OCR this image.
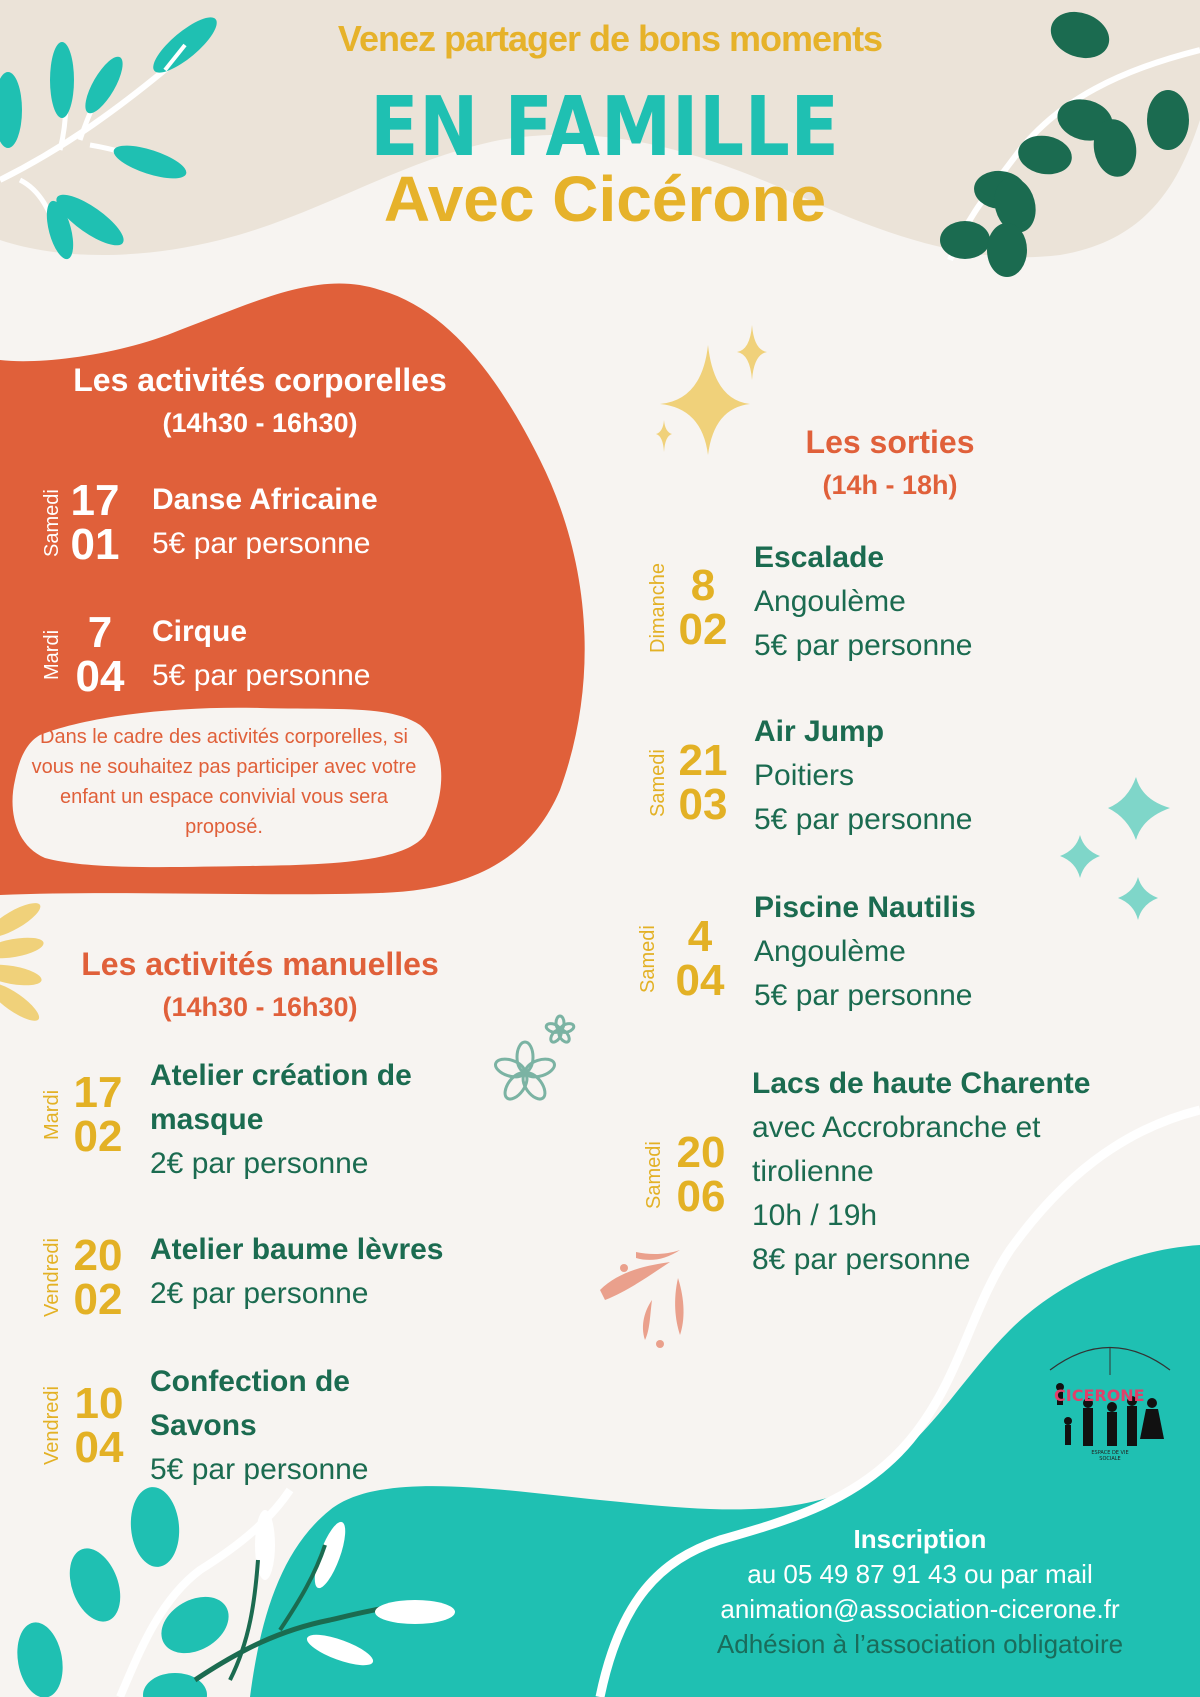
Venez partager de bons moments
EN FAMILLE
Avec Cicérone
Les activités corporelles
(14h30 - 16h30)
Samedi 17
01
Danse Africaine
5€ par personne
Mardi 7
04
Cirque
5€ par personne
Dans le cadre des activités corporelles, si vous ne souhaitez pas participer avec votre enfant un espace convivial vous sera proposé.
Les activités manuelles
(14h30 - 16h30)
Mardi 17
02
Atelier création de
masque
2€ par personne
Vendredi 20
02
Atelier baume lèvres
2€ par personne
Vendredi 10
04
Confection de
Savons
5€ par personne
Les sorties
(14h - 18h)
Dimanche 8
02
Escalade
Angoulème
5€ par personne
Samedi 21
03
Air Jump
Poitiers
5€ par personne
Samedi 4
04
Piscine Nautilis
Angoulème
5€ par personne
Samedi 20
06
Lacs de haute Charente
avec Accrobranche et
tirolienne
10h / 19h
8€ par personne
CICERONE
ESPACE DE VIE
SOCIALE
Inscription
au 05 49 87 91 43 ou par mail
animation@association-cicerone.fr
Adhésion à l’association obligatoire
